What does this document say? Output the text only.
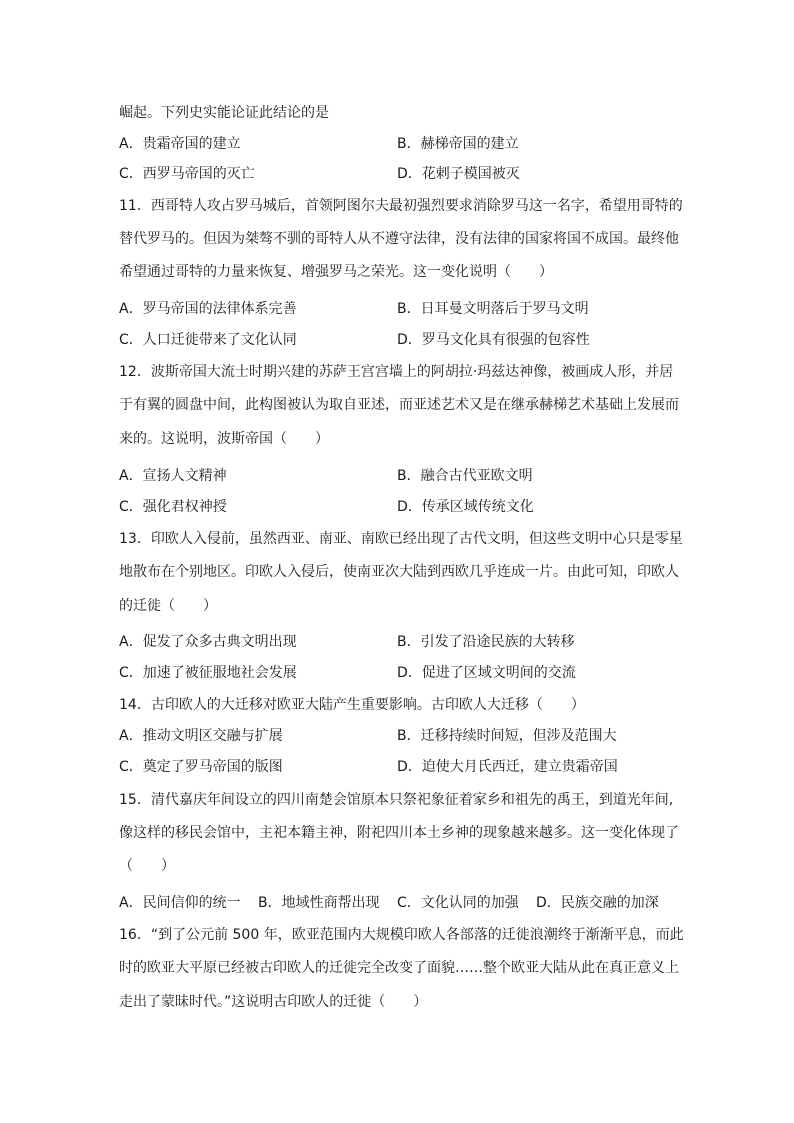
崛起。下列史实能论证此结论的是
A．贵霜帝国的建立	B．赫梯帝国的建立
C．西罗马帝国的灭亡	D．花剌子模国被灭
11．西哥特人攻占罗马城后，首领阿图尔夫最初强烈要求消除罗马这一名字，希望用哥特的
替代罗马的。但因为桀骜不驯的哥特人从不遵守法律，没有法律的国家将国不成国。最终他
希望通过哥特的力量来恢复、增强罗马之荣光。这一变化说明（　　）
A．罗马帝国的法律体系完善	B．日耳曼文明落后于罗马文明
C．人口迁徙带来了文化认同	D．罗马文化具有很强的包容性
12．波斯帝国大流士时期兴建的苏萨王宫宫墙上的阿胡拉·玛兹达神像，被画成人形，并居
于有翼的圆盘中间，此构图被认为取自亚述，而亚述艺术又是在继承赫梯艺术基础上发展而
来的。这说明，波斯帝国（　　）
A．宣扬人文精神	B．融合古代亚欧文明
C．强化君权神授	D．传承区域传统文化
13．印欧人入侵前，虽然西亚、南亚、南欧已经出现了古代文明，但这些文明中心只是零星
地散布在个别地区。印欧人入侵后，使南亚次大陆到西欧几乎连成一片。由此可知，印欧人
的迁徙（　　）
A．促发了众多古典文明出现	B．引发了沿途民族的大转移
C．加速了被征服地社会发展	D．促进了区域文明间的交流
14．古印欧人的大迁移对欧亚大陆产生重要影响。古印欧人大迁移（　　）
A．推动文明区交融与扩展	B．迁移持续时间短，但涉及范围大
C．奠定了罗马帝国的版图	D．迫使大月氏西迁，建立贵霜帝国
15．清代嘉庆年间设立的四川南楚会馆原本只祭祀象征着家乡和祖先的禹王，到道光年间,
像这样的移民会馆中，主祀本籍主神，附祀四川本土乡神的现象越来越多。这一变化体现了
（　　）
A．民间信仰的统一 B．地域性商帮出现 C．文化认同的加强 D．民族交融的加深
16．“到了公元前 500 年，欧亚范围内大规模印欧人各部落的迁徙浪潮终于渐渐平息，而此
时的欧亚大平原已经被古印欧人的迁徙完全改变了面貌……整个欧亚大陆从此在真正意义上
走出了蒙昧时代。”这说明古印欧人的迁徙（　　）
